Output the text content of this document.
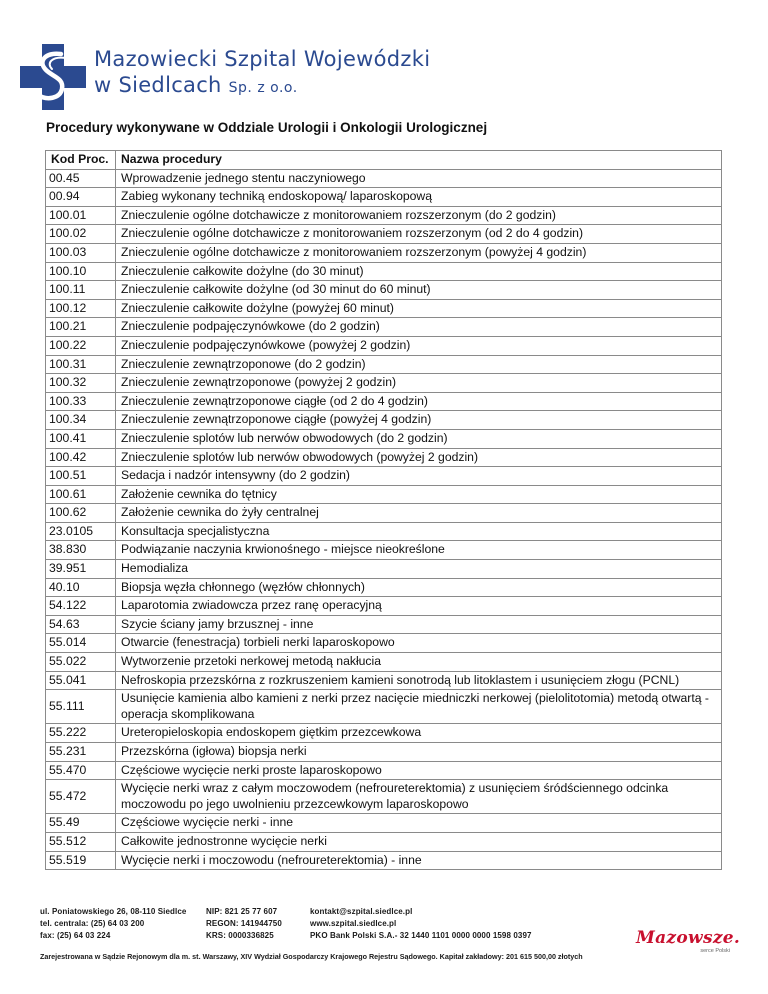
Mazowiecki Szpital Wojewódzki
w Siedlcach Sp. z o.o.
Procedury wykonywane w Oddziale Urologii i Onkologii Urologicznej
Kod Proc.	Nazwa procedury
00.45	Wprowadzenie jednego stentu naczyniowego
00.94	Zabieg wykonany techniką endoskopową/ laparoskopową
100.01	Znieczulenie ogólne dotchawicze z monitorowaniem rozszerzonym (do 2 godzin)
100.02	Znieczulenie ogólne dotchawicze z monitorowaniem rozszerzonym (od 2 do 4 godzin)
100.03	Znieczulenie ogólne dotchawicze z monitorowaniem rozszerzonym (powyżej 4 godzin)
100.10	Znieczulenie całkowite dożylne (do 30 minut)
100.11	Znieczulenie całkowite dożylne (od 30 minut do 60 minut)
100.12	Znieczulenie całkowite dożylne (powyżej 60 minut)
100.21	Znieczulenie podpajęczynówkowe (do 2 godzin)
100.22	Znieczulenie podpajęczynówkowe (powyżej 2 godzin)
100.31	Znieczulenie zewnątrzoponowe (do 2 godzin)
100.32	Znieczulenie zewnątrzoponowe (powyżej 2 godzin)
100.33	Znieczulenie zewnątrzoponowe ciągłe (od 2 do 4 godzin)
100.34	Znieczulenie zewnątrzoponowe ciągłe (powyżej 4 godzin)
100.41	Znieczulenie splotów lub nerwów obwodowych (do 2 godzin)
100.42	Znieczulenie splotów lub nerwów obwodowych (powyżej 2 godzin)
100.51	Sedacja i nadzór intensywny (do 2 godzin)
100.61	Założenie cewnika do tętnicy
100.62	Założenie cewnika do żyły centralnej
23.0105	Konsultacja specjalistyczna
38.830	Podwiązanie naczynia krwionośnego - miejsce nieokreślone
39.951	Hemodializa
40.10	Biopsja węzła chłonnego (węzłów chłonnych)
54.122	Laparotomia zwiadowcza przez ranę operacyjną
54.63	Szycie ściany jamy brzusznej - inne
55.014	Otwarcie (fenestracja) torbieli nerki laparoskopowo
55.022	Wytworzenie przetoki nerkowej metodą nakłucia
55.041	Nefroskopia przezskórna z rozkruszeniem kamieni sonotrodą lub litoklastem i usunięciem złogu (PCNL)
55.111	Usunięcie kamienia albo kamieni z nerki przez nacięcie miedniczki nerkowej (pielolitotomia) metodą otwartą - operacja skomplikowana
55.222	Ureteropieloskopia endoskopem giętkim przezcewkowa
55.231	Przezskórna (igłowa) biopsja nerki
55.470	Częściowe wycięcie nerki proste laparoskopowo
55.472	Wycięcie nerki wraz z całym moczowodem (nefroureterektomia) z usunięciem śródściennego odcinka moczowodu po jego uwolnieniu przezcewkowym laparoskopowo
55.49	Częściowe wycięcie nerki - inne
55.512	Całkowite jednostronne wycięcie nerki
55.519	Wycięcie nerki i moczowodu (nefroureterektomia) - inne
ul. Poniatowskiego 26, 08-110 Siedlce
tel. centrala: (25) 64 03 200
fax: (25) 64 03 224
NIP: 821 25 77 607
REGON: 141944750
KRS: 0000336825
kontakt@szpital.siedlce.pl
www.szpital.siedlce.pl
PKO Bank Polski S.A.- 32 1440 1101 0000 0000 1598 0397
Zarejestrowana w Sądzie Rejonowym dla m. st. Warszawy, XIV Wydział Gospodarczy Krajowego Rejestru Sądowego. Kapitał zakładowy: 201 615 500,00 złotych
Mazowsze.
serce Polski
